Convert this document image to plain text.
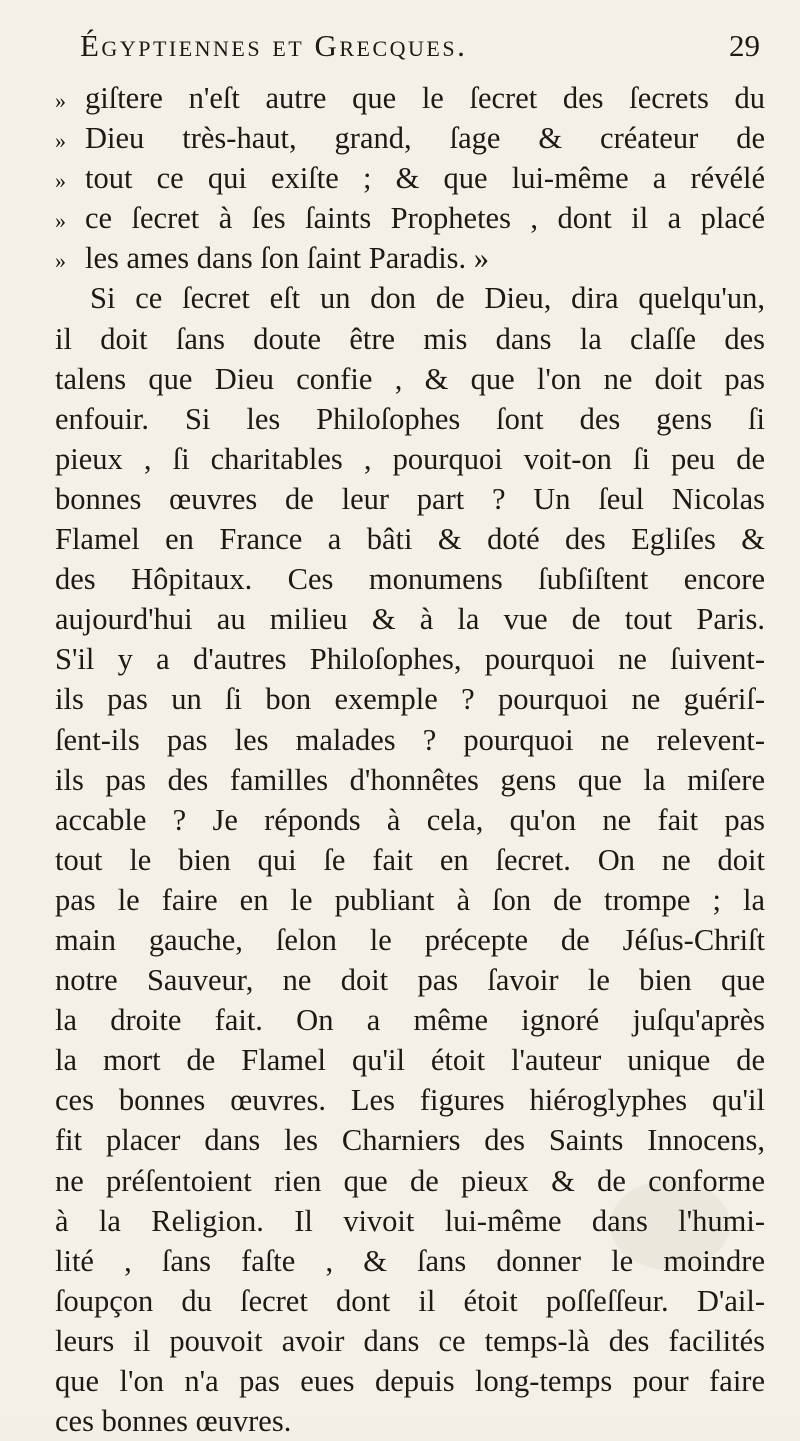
Égyptiennes et Grecques.	29
» giſtere n'eſt autre que le ſecret des ſecrets du
» Dieu très-haut, grand, ſage & créateur de
» tout ce qui exiſte ; & que lui-même a révélé
» ce ſecret à ſes ſaints Prophetes , dont il a placé
» les ames dans ſon ſaint Paradis. »
Si ce ſecret eſt un don de Dieu, dira quelqu'un,
il doit ſans doute être mis dans la claſſe des
talens que Dieu confie , & que l'on ne doit pas
enfouir. Si les Philoſophes ſont des gens ſi
pieux , ſi charitables , pourquoi voit-on ſi peu de
bonnes œuvres de leur part ? Un ſeul Nicolas
Flamel en France a bâti & doté des Egliſes &
des Hôpitaux. Ces monumens ſubſiſtent encore
aujourd'hui au milieu & à la vue de tout Paris.
S'il y a d'autres Philoſophes, pourquoi ne ſuivent-
ils pas un ſi bon exemple ? pourquoi ne guériſ-
ſent-ils pas les malades ? pourquoi ne relevent-
ils pas des familles d'honnêtes gens que la miſere
accable ? Je réponds à cela, qu'on ne fait pas
tout le bien qui ſe fait en ſecret. On ne doit
pas le faire en le publiant à ſon de trompe ; la
main gauche, ſelon le précepte de Jéſus-Chriſt
notre Sauveur, ne doit pas ſavoir le bien que
la droite fait. On a même ignoré juſqu'après
la mort de Flamel qu'il étoit l'auteur unique de
ces bonnes œuvres. Les figures hiéroglyphes qu'il
fit placer dans les Charniers des Saints Innocens,
ne préſentoient rien que de pieux & de conforme
à la Religion. Il vivoit lui-même dans l'humi-
lité , ſans faſte , & ſans donner le moindre
ſoupçon du ſecret dont il étoit poſſeſſeur. D'ail-
leurs il pouvoit avoir dans ce temps-là des facilités
que l'on n'a pas eues depuis long-temps pour faire
ces bonnes œuvres.
